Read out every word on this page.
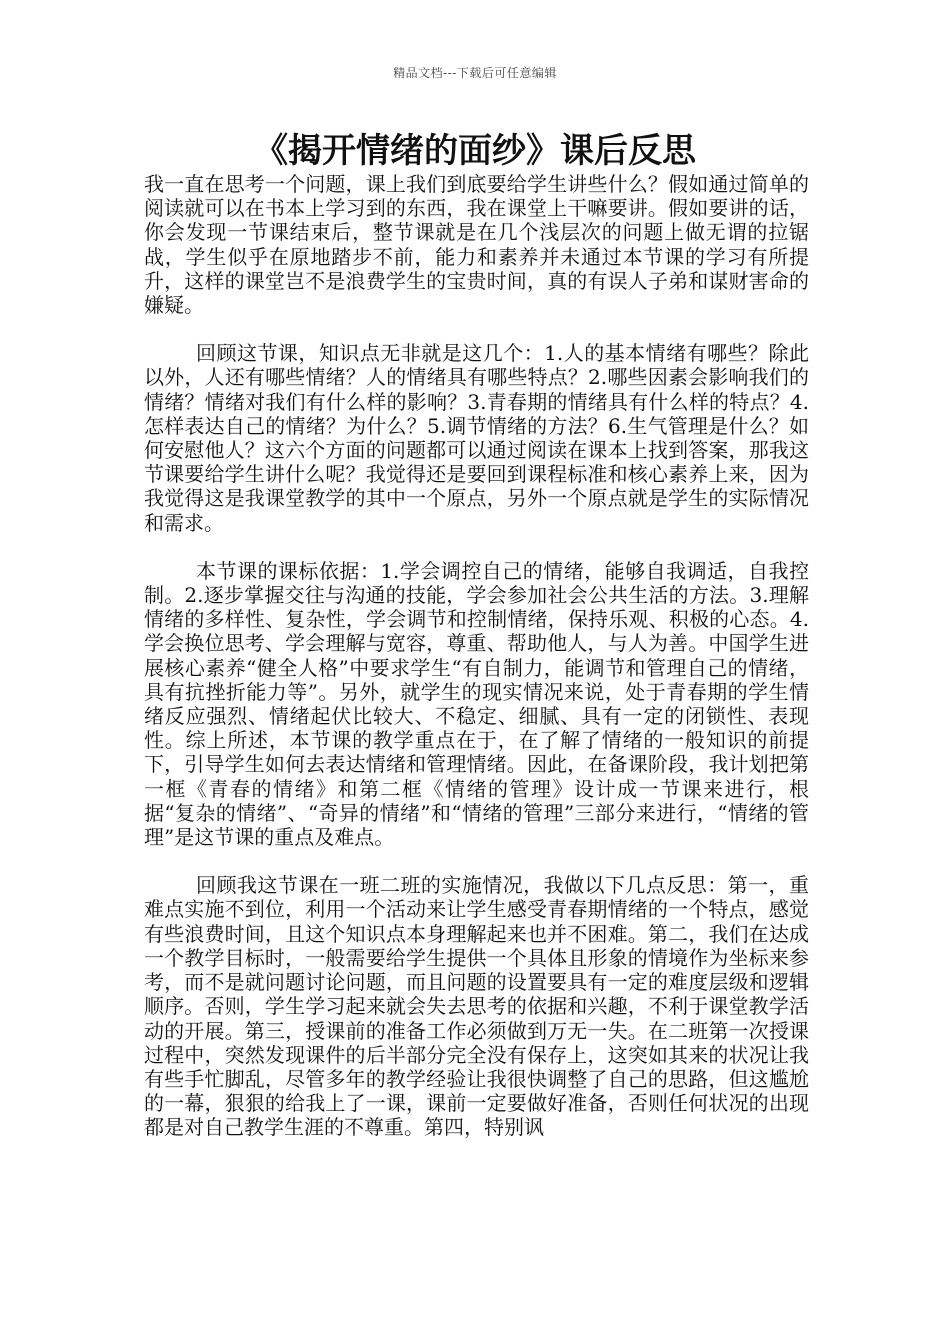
精品文档---下载后可任意编辑
《揭开情绪的面纱》课后反思

我一直在思考一个问题，课上我们到底要给学生讲些什么？假如通过简单的阅读就可以在书本上学习到的东西，我在课堂上干嘛要讲。假如要讲的话，你会发现一节课结束后，整节课就是在几个浅层次的问题上做无谓的拉锯战，学生似乎在原地踏步不前，能力和素养并未通过本节课的学习有所提升，这样的课堂岂不是浪费学生的宝贵时间，真的有误人子弟和谋财害命的嫌疑。

回顾这节课，知识点无非就是这几个：1.人的基本情绪有哪些？除此以外，人还有哪些情绪？人的情绪具有哪些特点？2.哪些因素会影响我们的情绪？情绪对我们有什么样的影响？3.青春期的情绪具有什么样的特点？4.怎样表达自己的情绪？为什么？5.调节情绪的方法？6.生气管理是什么？如何安慰他人？这六个方面的问题都可以通过阅读在课本上找到答案，那我这节课要给学生讲什么呢？我觉得还是要回到课程标准和核心素养上来，因为我觉得这是我课堂教学的其中一个原点，另外一个原点就是学生的实际情况和需求。

本节课的课标依据：1.学会调控自己的情绪，能够自我调适，自我控制。2.逐步掌握交往与沟通的技能，学会参加社会公共生活的方法。3.理解情绪的多样性、复杂性，学会调节和控制情绪，保持乐观、积极的心态。4.学会换位思考、学会理解与宽容，尊重、帮助他人，与人为善。中国学生进展核心素养“健全人格”中要求学生“有自制力，能调节和管理自己的情绪，具有抗挫折能力等”。另外，就学生的现实情况来说，处于青春期的学生情绪反应强烈、情绪起伏比较大、不稳定、细腻、具有一定的闭锁性、表现性。综上所述，本节课的教学重点在于，在了解了情绪的一般知识的前提下，引导学生如何去表达情绪和管理情绪。因此，在备课阶段，我计划把第一框《青春的情绪》和第二框《情绪的管理》设计成一节课来进行，根据“复杂的情绪”、“奇异的情绪”和“情绪的管理”三部分来进行，“情绪的管理”是这节课的重点及难点。

回顾我这节课在一班二班的实施情况，我做以下几点反思：第一，重难点实施不到位，利用一个活动来让学生感受青春期情绪的一个特点，感觉有些浪费时间，且这个知识点本身理解起来也并不困难。第二，我们在达成一个教学目标时，一般需要给学生提供一个具体且形象的情境作为坐标来参考，而不是就问题讨论问题，而且问题的设置要具有一定的难度层级和逻辑顺序。否则，学生学习起来就会失去思考的依据和兴趣，不利于课堂教学活动的开展。第三，授课前的准备工作必须做到万无一失。在二班第一次授课过程中，突然发现课件的后半部分完全没有保存上，这突如其来的状况让我有些手忙脚乱，尽管多年的教学经验让我很快调整了自己的思路，但这尴尬的一幕，狠狠的给我上了一课，课前一定要做好准备，否则任何状况的出现都是对自己教学生涯的不尊重。第四，特别讽
